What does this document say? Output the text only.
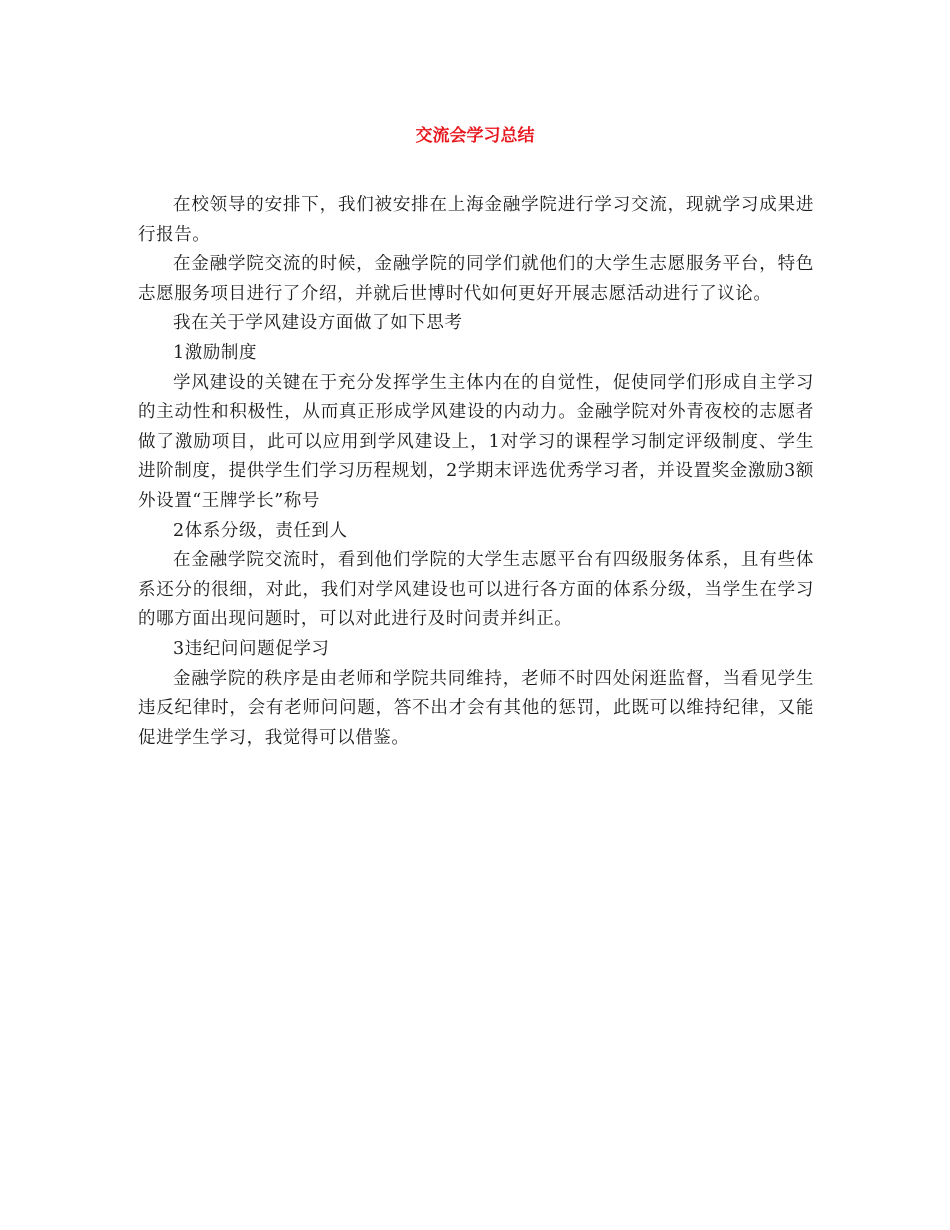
交流会学习总结

在校领导的安排下，我们被安排在上海金融学院进行学习交流，现就学习成果进行报告。

在金融学院交流的时候，金融学院的同学们就他们的大学生志愿服务平台，特色志愿服务项目进行了介绍，并就后世博时代如何更好开展志愿活动进行了议论。

我在关于学风建设方面做了如下思考

1激励制度

学风建设的关键在于充分发挥学生主体内在的自觉性，促使同学们形成自主学习的主动性和积极性，从而真正形成学风建设的内动力。金融学院对外青夜校的志愿者做了激励项目，此可以应用到学风建设上，1对学习的课程学习制定评级制度、学生进阶制度，提供学生们学习历程规划，2学期末评选优秀学习者，并设置奖金激励3额外设置“王牌学长”称号

2体系分级，责任到人

在金融学院交流时，看到他们学院的大学生志愿平台有四级服务体系，且有些体系还分的很细，对此，我们对学风建设也可以进行各方面的体系分级，当学生在学习的哪方面出现问题时，可以对此进行及时问责并纠正。

3违纪问问题促学习

金融学院的秩序是由老师和学院共同维持，老师不时四处闲逛监督，当看见学生违反纪律时，会有老师问问题，答不出才会有其他的惩罚，此既可以维持纪律，又能促进学生学习，我觉得可以借鉴。
